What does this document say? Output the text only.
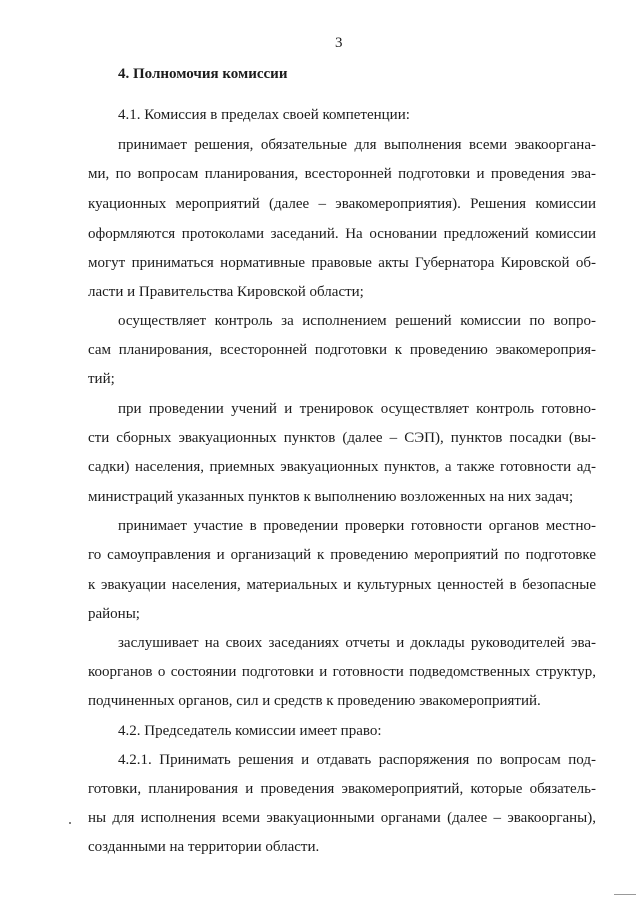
3
4. Полномочия комиссии
4.1. Комиссия в пределах своей компетенции:
принимает решения, обязательные для выполнения всеми эвакооргана-
ми, по вопросам планирования, всесторонней подготовки и проведения эва-
куационных мероприятий (далее – эвакомероприятия). Решения комиссии
оформляются протоколами заседаний. На основании предложений комиссии
могут приниматься нормативные правовые акты Губернатора Кировской об-
ласти и Правительства Кировской области;
осуществляет контроль за исполнением решений комиссии по вопро-
сам планирования, всесторонней подготовки к проведению эвакомероприя-
тий;
при проведении учений и тренировок осуществляет контроль готовно-
сти сборных эвакуационных пунктов (далее – СЭП), пунктов посадки (вы-
садки) населения, приемных эвакуационных пунктов, а также готовности ад-
министраций указанных пунктов к выполнению возложенных на них задач;
принимает участие в проведении проверки готовности органов местно-
го самоуправления и организаций к проведению мероприятий по подготовке
к эвакуации населения, материальных и культурных ценностей в безопасные
районы;
заслушивает на своих заседаниях отчеты и доклады руководителей эва-
коорганов о состоянии подготовки и готовности подведомственных структур,
подчиненных органов, сил и средств к проведению эвакомероприятий.
4.2. Председатель комиссии имеет право:
4.2.1. Принимать решения и отдавать распоряжения по вопросам под-
готовки, планирования и проведения эвакомероприятий, которые обязатель-
ны для исполнения всеми эвакуационными органами (далее – эвакоорганы),
созданными на территории области.
